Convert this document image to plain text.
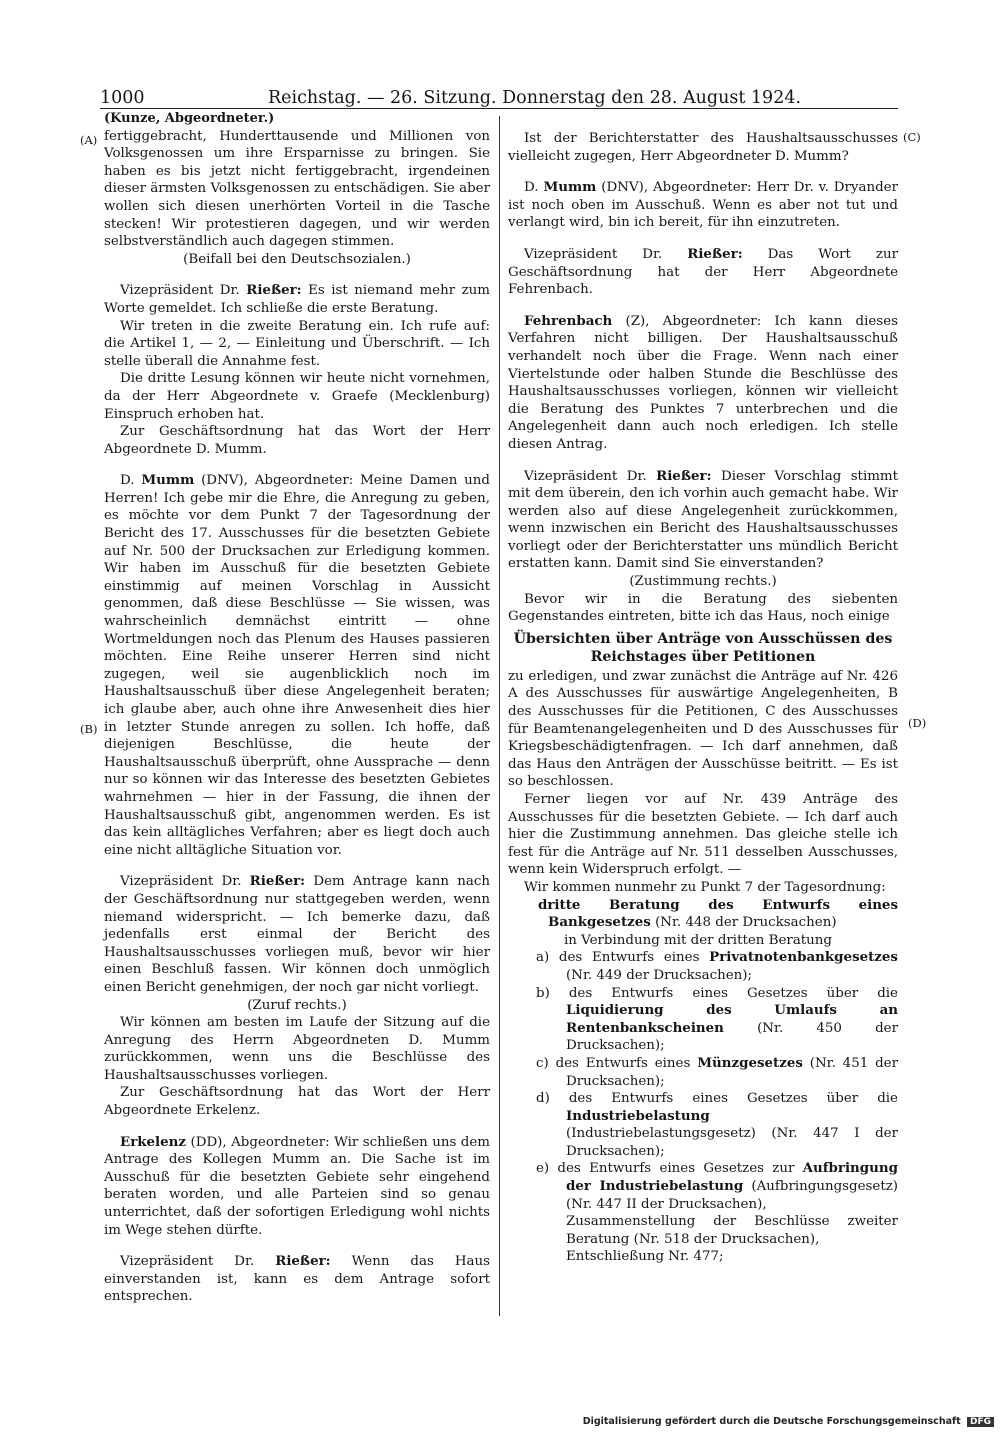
1000	Reichstag. — 26. Sitzung. Donnerstag den 28. August 1924.
(A)
(B)
(C)
(D)

(Kunze, Abgeordneter.)

fertiggebracht, Hunderttausende und Millionen von Volksgenossen um ihre Ersparnisse zu bringen. Sie haben es bis jetzt nicht fertiggebracht, irgendeinen dieser ärmsten Volksgenossen zu entschädigen. Sie aber wollen sich diesen unerhörten Vorteil in die Tasche stecken! Wir protestieren dagegen, und wir werden selbstverständlich auch dagegen stimmen.

(Beifall bei den Deutschsozialen.)

Vizepräsident Dr. Rießer: Es ist niemand mehr zum Worte gemeldet. Ich schließe die erste Beratung.

Wir treten in die zweite Beratung ein. Ich rufe auf: die Artikel 1, — 2, — Einleitung und Überschrift. — Ich stelle überall die Annahme fest.

Die dritte Lesung können wir heute nicht vornehmen, da der Herr Abgeordnete v. Graefe (Mecklenburg) Einspruch erhoben hat.

Zur Geschäftsordnung hat das Wort der Herr Abgeordnete D. Mumm.

D. Mumm (DNV), Abgeordneter: Meine Damen und Herren! Ich gebe mir die Ehre, die Anregung zu geben, es möchte vor dem Punkt 7 der Tagesordnung der Bericht des 17. Ausschusses für die besetzten Gebiete auf Nr. 500 der Drucksachen zur Erledigung kommen. Wir haben im Ausschuß für die besetzten Gebiete einstimmig auf meinen Vorschlag in Aussicht genommen, daß diese Beschlüsse — Sie wissen, was wahrscheinlich demnächst eintritt — ohne Wortmeldungen noch das Plenum des Hauses passieren möchten. Eine Reihe unserer Herren sind nicht zugegen, weil sie augenblicklich noch im Haushaltsausschuß über diese Angelegenheit beraten; ich glaube aber, auch ohne ihre Anwesenheit dies hier in letzter Stunde anregen zu sollen. Ich hoffe, daß diejenigen Beschlüsse, die heute der Haushaltsausschuß überprüft, ohne Aussprache — denn nur so können wir das Interesse des besetzten Gebietes wahrnehmen — hier in der Fassung, die ihnen der Haushaltsausschuß gibt, angenommen werden. Es ist das kein alltägliches Verfahren; aber es liegt doch auch eine nicht alltägliche Situation vor.

Vizepräsident Dr. Rießer: Dem Antrage kann nach der Geschäftsordnung nur stattgegeben werden, wenn niemand widerspricht. — Ich bemerke dazu, daß jedenfalls erst einmal der Bericht des Haushaltsausschusses vorliegen muß, bevor wir hier einen Beschluß fassen. Wir können doch unmöglich einen Bericht genehmigen, der noch gar nicht vorliegt.

(Zuruf rechts.)

Wir können am besten im Laufe der Sitzung auf die Anregung des Herrn Abgeordneten D. Mumm zurückkommen, wenn uns die Beschlüsse des Haushaltsausschusses vorliegen.

Zur Geschäftsordnung hat das Wort der Herr Abgeordnete Erkelenz.

Erkelenz (DD), Abgeordneter: Wir schließen uns dem Antrage des Kollegen Mumm an. Die Sache ist im Ausschuß für die besetzten Gebiete sehr eingehend beraten worden, und alle Parteien sind so genau unterrichtet, daß der sofortigen Erledigung wohl nichts im Wege stehen dürfte.

Vizepräsident Dr. Rießer: Wenn das Haus einverstanden ist, kann es dem Antrage sofort entsprechen.

Ist der Berichterstatter des Haushaltsausschusses vielleicht zugegen, Herr Abgeordneter D. Mumm?

D. Mumm (DNV), Abgeordneter: Herr Dr. v. Dryander ist noch oben im Ausschuß. Wenn es aber not tut und verlangt wird, bin ich bereit, für ihn einzutreten.

Vizepräsident Dr. Rießer: Das Wort zur Geschäftsordnung hat der Herr Abgeordnete Fehrenbach.

Fehrenbach (Z), Abgeordneter: Ich kann dieses Verfahren nicht billigen. Der Haushaltsausschuß verhandelt noch über die Frage. Wenn nach einer Viertelstunde oder halben Stunde die Beschlüsse des Haushaltsausschusses vorliegen, können wir vielleicht die Beratung des Punktes 7 unterbrechen und die Angelegenheit dann auch noch erledigen. Ich stelle diesen Antrag.

Vizepräsident Dr. Rießer: Dieser Vorschlag stimmt mit dem überein, den ich vorhin auch gemacht habe. Wir werden also auf diese Angelegenheit zurückkommen, wenn inzwischen ein Bericht des Haushaltsausschusses vorliegt oder der Berichterstatter uns mündlich Bericht erstatten kann. Damit sind Sie einverstanden?

(Zustimmung rechts.)

Bevor wir in die Beratung des siebenten Gegenstandes eintreten, bitte ich das Haus, noch einige

Übersichten über Anträge von Ausschüssen des Reichstages über Petitionen

zu erledigen, und zwar zunächst die Anträge auf Nr. 426 A des Ausschusses für auswärtige Angelegenheiten, B des Ausschusses für die Petitionen, C des Ausschusses für Beamtenangelegenheiten und D des Ausschusses für Kriegsbeschädigtenfragen. — Ich darf annehmen, daß das Haus den Anträgen der Ausschüsse beitritt. — Es ist so beschlossen.

Ferner liegen vor auf Nr. 439 Anträge des Ausschusses für die besetzten Gebiete. — Ich darf auch hier die Zustimmung annehmen. Das gleiche stelle ich fest für die Anträge auf Nr. 511 desselben Ausschusses, wenn kein Widerspruch erfolgt. —

Wir kommen nunmehr zu Punkt 7 der Tagesordnung:

dritte Beratung des Entwurfs eines Bankgesetzes (Nr. 448 der Drucksachen)

in Verbindung mit der dritten Beratung

a) des Entwurfs eines Privatnotenbankgesetzes (Nr. 449 der Drucksachen);

b) des Entwurfs eines Gesetzes über die Liquidierung des Umlaufs an Rentenbankscheinen (Nr. 450 der Drucksachen);

c) des Entwurfs eines Münzgesetzes (Nr. 451 der Drucksachen);

d) des Entwurfs eines Gesetzes über die Industriebelastung (Industriebelastungsgesetz) (Nr. 447 I der Drucksachen);

e) des Entwurfs eines Gesetzes zur Aufbringung der Industriebelastung (Aufbringungsgesetz) (Nr. 447 II der Drucksachen),

Zusammenstellung der Beschlüsse zweiter Beratung (Nr. 518 der Drucksachen),

Entschließung Nr. 477;

Digitalisierung gefördert durch die Deutsche Forschungsgemeinschaft DFG
